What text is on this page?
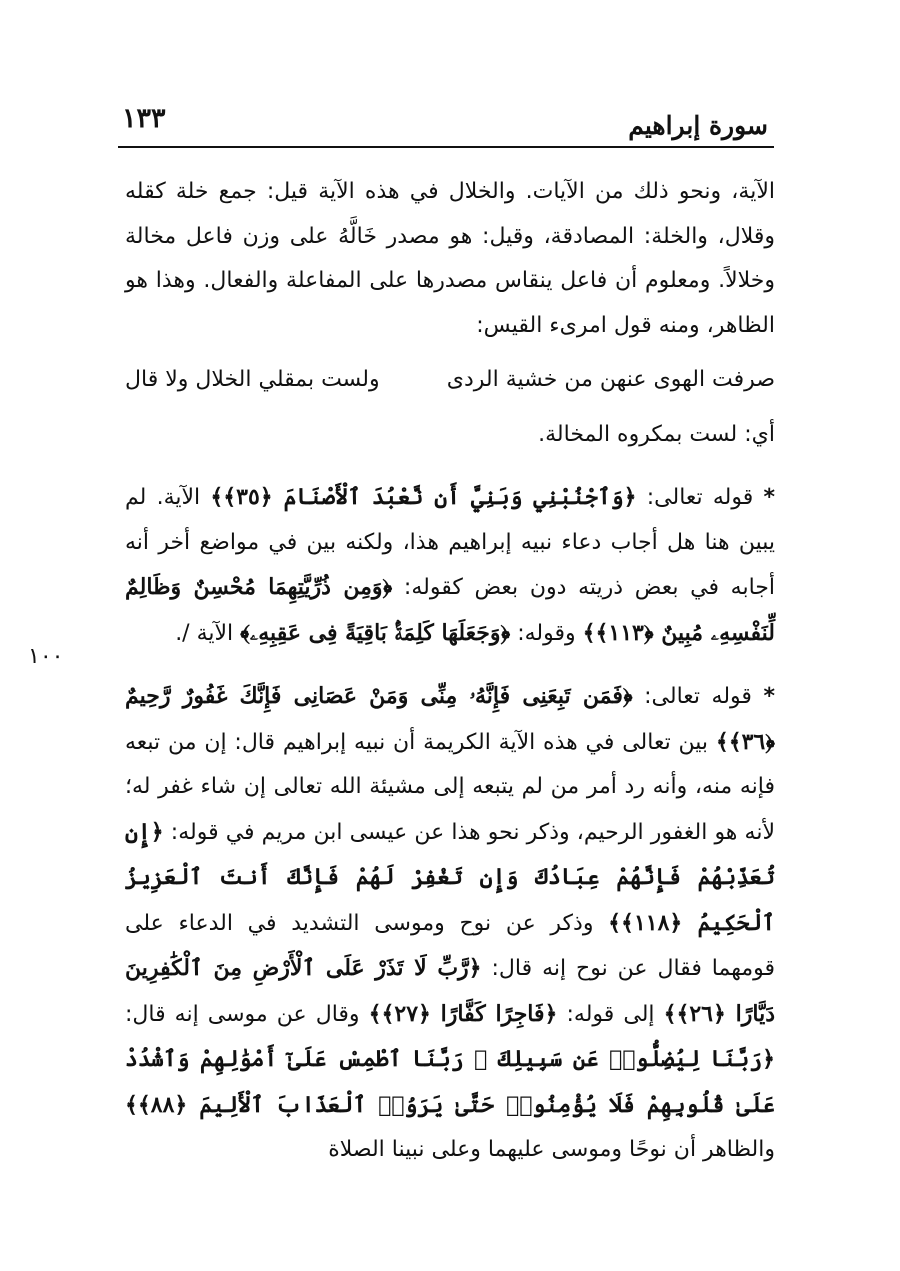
سورة إبراهيم
١٣٣
١٠٠

الآية، ونحو ذلك من الآيات. والخلال في هذه الآية قيل: جمع خلة كقله وقلال، والخلة: المصادقة، وقيل: هو مصدر خَالَّهُ على وزن فاعل مخالة وخلالاً. ومعلوم أن فاعل ينقاس مصدرها على المفاعلة والفعال. وهذا هو الظاهر، ومنه قول امرىء القيس:

صرفت الهوى عنهن من خشية الردى
ولست بمقلي الخلال ولا قال

أي: لست بمكروه المخالة.

* قوله تعالى: ﴿وَٱجْنُبْنِي وَبَنِيَّ أَن نَّعْبُدَ ٱلْأَصْنَامَ ﴿٣٥﴾﴾ الآية. لم يبين هنا هل أجاب دعاء نبيه إبراهيم هذا، ولكنه بين في مواضع أخر أنه أجابه في بعض ذريته دون بعض كقوله: ﴿وَمِن ذُرِّيَّتِهِمَا مُحْسِنٌ وَظَالِمٌ لِّنَفْسِهِۦ مُبِينٌ ﴿١١٣﴾﴾ وقوله: ﴿وَجَعَلَهَا كَلِمَةًۢ بَاقِيَةً فِى عَقِبِهِۦ﴾ الآية /.

* قوله تعالى: ﴿فَمَن تَبِعَنِى فَإِنَّهُۥ مِنِّى وَمَنْ عَصَانِى فَإِنَّكَ غَفُورٌ رَّحِيمٌ ﴿٣٦﴾﴾ بين تعالى في هذه الآية الكريمة أن نبيه إبراهيم قال: إن من تبعه فإنه منه، وأنه رد أمر من لم يتبعه إلى مشيئة الله تعالى إن شاء غفر له؛ لأنه هو الغفور الرحيم، وذكر نحو هذا عن عيسى ابن مريم في قوله: ﴿إِن تُعَذِّبْهُمْ فَإِنَّهُمْ عِبَادُكَ وَإِن تَغْفِرْ لَهُمْ فَإِنَّكَ أَنتَ ٱلْعَزِيزُ ٱلْحَكِيمُ ﴿١١٨﴾﴾ وذكر عن نوح وموسى التشديد في الدعاء على قومهما فقال عن نوح إنه قال: ﴿رَّبِّ لَا تَذَرْ عَلَى ٱلْأَرْضِ مِنَ ٱلْكَٰفِرِينَ دَيَّارًا ﴿٢٦﴾﴾ إلى قوله: ﴿فَاجِرًا كَفَّارًا ﴿٢٧﴾﴾ وقال عن موسى إنه قال: ﴿رَبَّنَا لِيُضِلُّوا۟ عَن سَبِيلِكَ ۖ رَبَّنَا ٱطْمِسْ عَلَىٰٓ أَمْوَٰلِهِمْ وَٱشْدُدْ عَلَىٰ قُلُوبِهِمْ فَلَا يُؤْمِنُوا۟ حَتَّىٰ يَرَوُا۟ ٱلْعَذَابَ ٱلْأَلِيمَ ﴿٨٨﴾﴾ والظاهر أن نوحًا وموسى عليهما وعلى نبينا الصلاة
